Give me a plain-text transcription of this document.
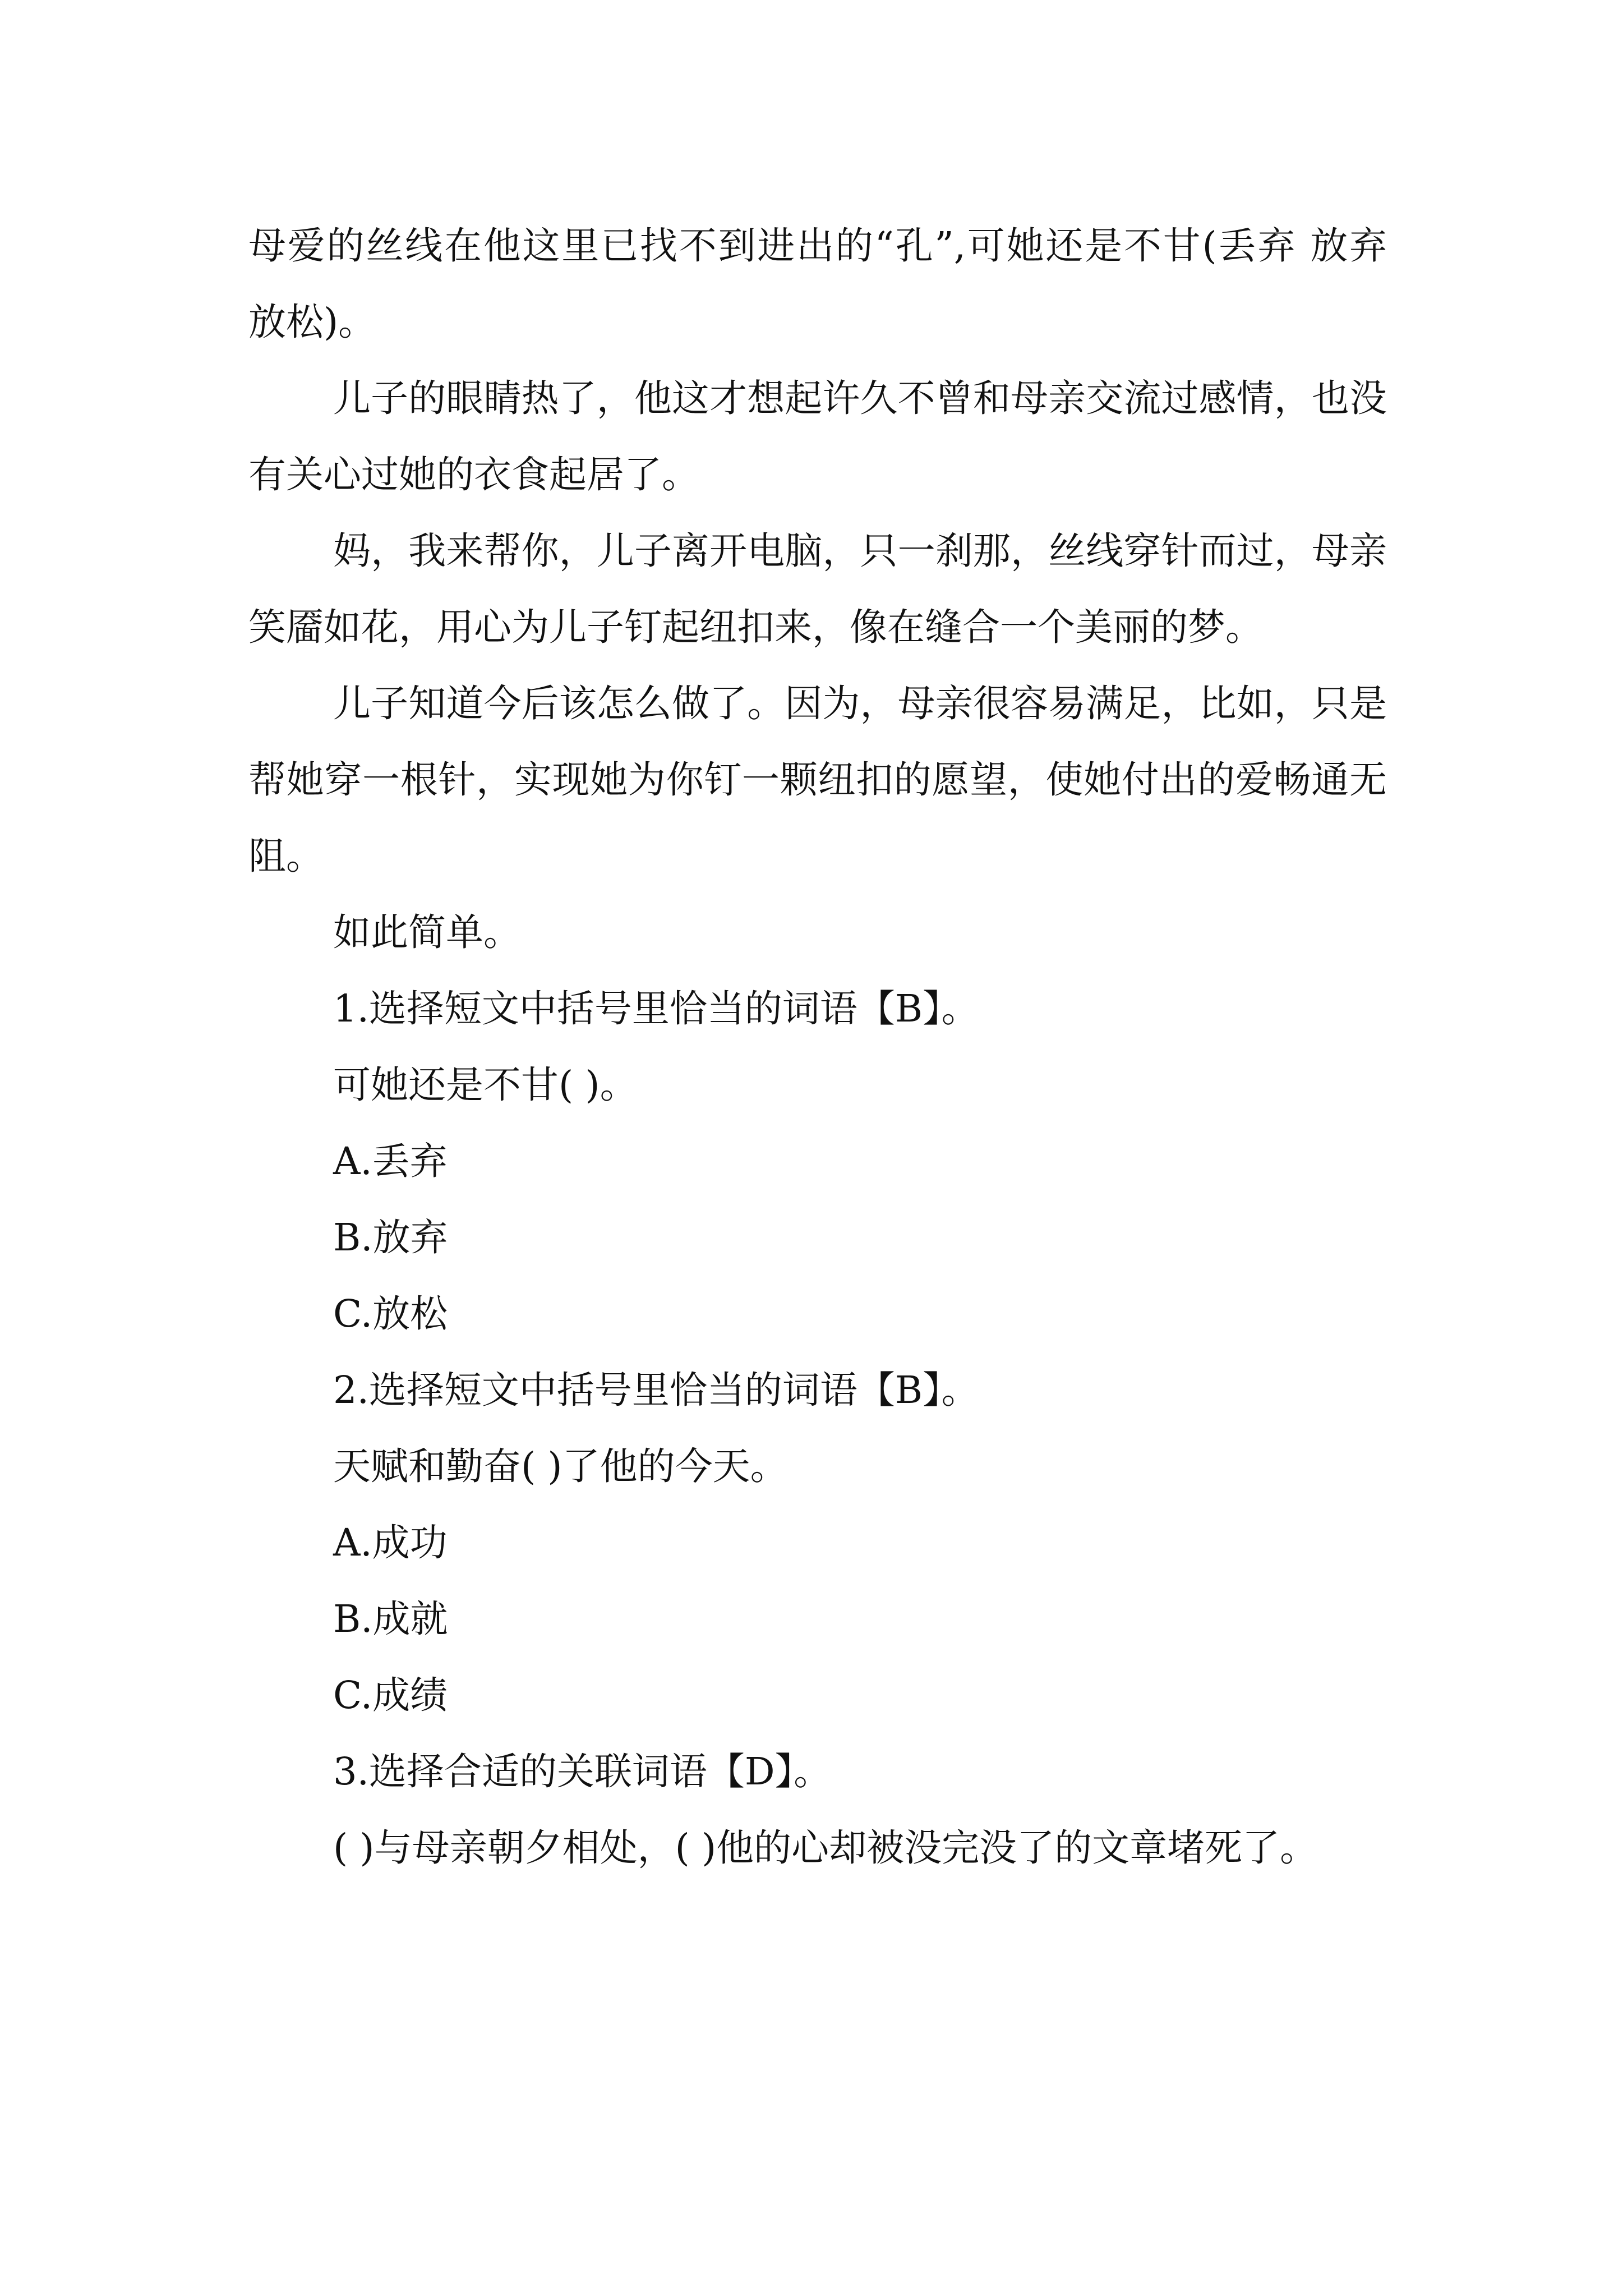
母爱的丝线在他这里已找不到进出的“孔”,可她还是不甘(丢弃 放弃 放松)。

儿子的眼睛热了，他这才想起许久不曾和母亲交流过感情，也没有关心过她的衣食起居了。

妈，我来帮你，儿子离开电脑，只一刹那，丝线穿针而过，母亲笑靥如花，用心为儿子钉起纽扣来，像在缝合一个美丽的梦。

儿子知道今后该怎么做了。因为，母亲很容易满足，比如，只是帮她穿一根针，实现她为你钉一颗纽扣的愿望，使她付出的爱畅通无阻。

如此简单。

1.选择短文中括号里恰当的词语【B】。

可她还是不甘( )。

A.丢弃

B.放弃

C.放松

2.选择短文中括号里恰当的词语【B】。

天赋和勤奋( )了他的今天。

A.成功

B.成就

C.成绩

3.选择合适的关联词语【D】。

( )与母亲朝夕相处，( )他的心却被没完没了的文章堵死了。
